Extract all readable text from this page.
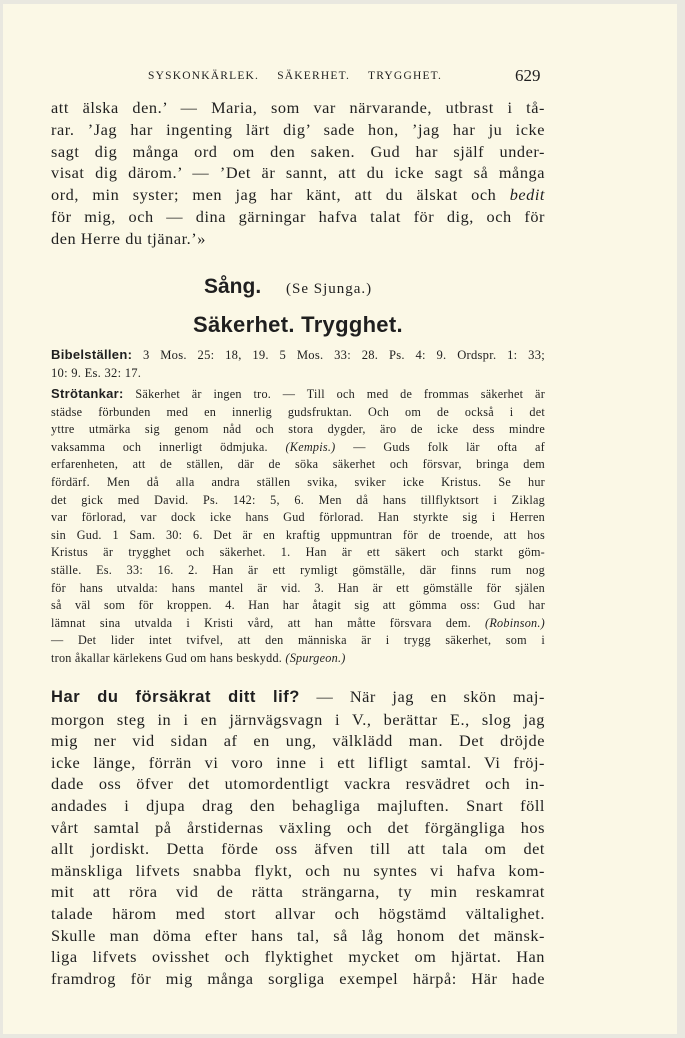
SYSKONKÄRLEK. SÄKERHET. TRYGGHET.	629
att älska den.’ — Maria, som var närvarande, utbrast i tå-
rar. ’Jag har ingenting lärt dig’ sade hon, ’jag har ju icke
sagt dig många ord om den saken. Gud har själf under-
visat dig därom.’ — ’Det är sannt, att du icke sagt så många
ord, min syster; men jag har känt, att du älskat och bedit
för mig, och — dina gärningar hafva talat för dig, och för
den Herre du tjänar.’»
Sång. (Se Sjunga.)
Säkerhet. Trygghet.
Bibelställen: 3 Mos. 25: 18, 19. 5 Mos. 33: 28. Ps. 4: 9. Ordspr. 1: 33;
10: 9. Es. 32: 17.
Strötankar: Säkerhet är ingen tro. — Till och med de frommas säkerhet är
städse förbunden med en innerlig gudsfruktan. Och om de också i det
yttre utmärka sig genom nåd och stora dygder, äro de icke dess mindre
vaksamma och innerligt ödmjuka. (Kempis.) — Guds folk lär ofta af
erfarenheten, att de ställen, där de söka säkerhet och försvar, bringa dem
fördärf. Men då alla andra ställen svika, sviker icke Kristus. Se hur
det gick med David. Ps. 142: 5, 6. Men då hans tillflyktsort i Ziklag
var förlorad, var dock icke hans Gud förlorad. Han styrkte sig i Herren
sin Gud. 1 Sam. 30: 6. Det är en kraftig uppmuntran för de troende, att hos
Kristus är trygghet och säkerhet. 1. Han är ett säkert och starkt göm-
ställe. Es. 33: 16. 2. Han är ett rymligt gömställe, där finns rum nog
för hans utvalda: hans mantel är vid. 3. Han är ett gömställe för själen
så väl som för kroppen. 4. Han har åtagit sig att gömma oss: Gud har
lämnat sina utvalda i Kristi vård, att han måtte försvara dem. (Robinson.)
— Det lider intet tvifvel, att den människa är i trygg säkerhet, som i
tron åkallar kärlekens Gud om hans beskydd. (Spurgeon.)
Har du försäkrat ditt lif? — När jag en skön maj-
morgon steg in i en järnvägsvagn i V., berättar E., slog jag
mig ner vid sidan af en ung, välklädd man. Det dröjde
icke länge, förrän vi voro inne i ett lifligt samtal. Vi fröj-
dade oss öfver det utomordentligt vackra resvädret och in-
andades i djupa drag den behagliga majluften. Snart föll
vårt samtal på årstidernas växling och det förgängliga hos
allt jordiskt. Detta förde oss äfven till att tala om det
mänskliga lifvets snabba flykt, och nu syntes vi hafva kom-
mit att röra vid de rätta strängarna, ty min reskamrat
talade härom med stort allvar och högstämd vältalighet.
Skulle man döma efter hans tal, så låg honom det mänsk-
liga lifvets ovisshet och flyktighet mycket om hjärtat. Han
framdrog för mig många sorgliga exempel härpå: Här hade
